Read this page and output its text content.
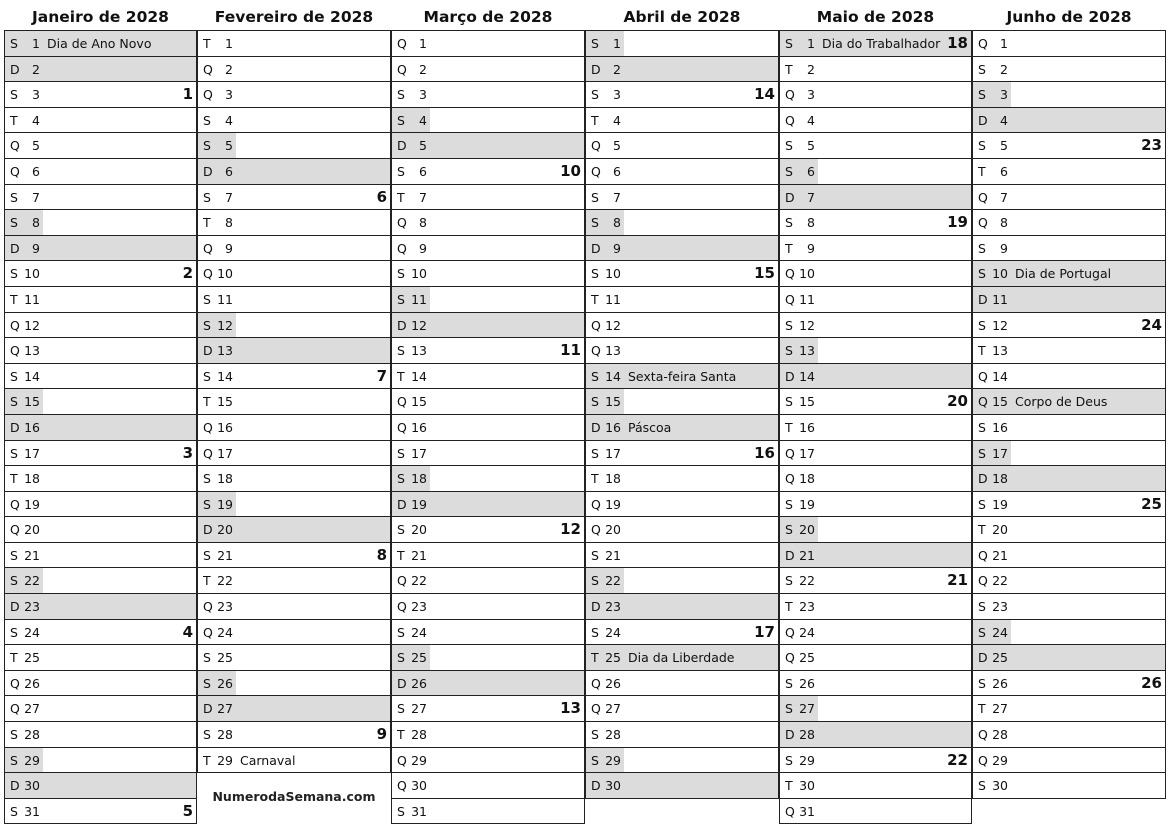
Janeiro de 2028
S	1 Dia de Ano Novo
D 2
S	3	1
T	4
Q 5
Q 6
S	7
S	8
D 9
S 10	2
T 11
Q 12
Q 13
S 14
S 15
D 16
S 17	3
T 18
Q 19
Q 20
S 21
S 22
D 23
S 24	4
T 25
Q 26
Q 27
S 28
S 29
D 30
S 31	5
Fevereiro de 2028
T	1
Q 2
Q 3
S	4
S	5
D 6
S	7	6
T	8
Q 9
Q 10
S 11
S 12
D 13
S 14	7
T 15
Q 16
Q 17
S 18
S 19
D 20
S 21	8
T 22
Q 23
Q 24
S 25
S 26
D 27
S 28	9
T 29 Carnaval
Março de 2028
Q 1
Q 2
S	3
S	4
D 5
S	6	10
T	7
Q 8
Q 9
S 10
S 11
D 12
S 13	11
T 14
Q 15
Q 16
S 17
S 18
D 19
S 20	12
T 21
Q 22
Q 23
S 24
S 25
D 26
S 27	13
T 28
Q 29
Q 30
S 31
Abril de 2028
S	1
D 2
S	3	14
T	4
Q 5
Q 6
S	7
S	8
D 9
S 10	15
T 11
Q 12
Q 13
S 14 Sexta-feira Santa
S 15
D 16 Páscoa
S 17	16
T 18
Q 19
Q 20
S 21
S 22
D 23
S 24	17
T 25 Dia da Liberdade
Q 26
Q 27
S 28
S 29
D 30
Maio de 2028
S	1 Dia do Trabalhador 18
T	2
Q 3
Q 4
S	5
S	6
D 7
S	8	19
T	9
Q 10
Q 11
S 12
S 13
D 14
S 15	20
T 16
Q 17
Q 18
S 19
S 20
D 21
S 22	21
T 23
Q 24
Q 25
S 26
S 27
D 28
S 29	22
T 30
Q 31
Junho de 2028
Q 1
S	2
S	3
D 4
S	5	23
T	6
Q 7
Q 8
S	9
S 10 Dia de Portugal
D 11
S 12	24
T 13
Q 14
Q 15 Corpo de Deus
S 16
S 17
D 18
S 19	25
T 20
Q 21
Q 22
S 23
S 24
D 25
S 26	26
T 27
Q 28
Q 29
S 30
NumerodaSemana.com
